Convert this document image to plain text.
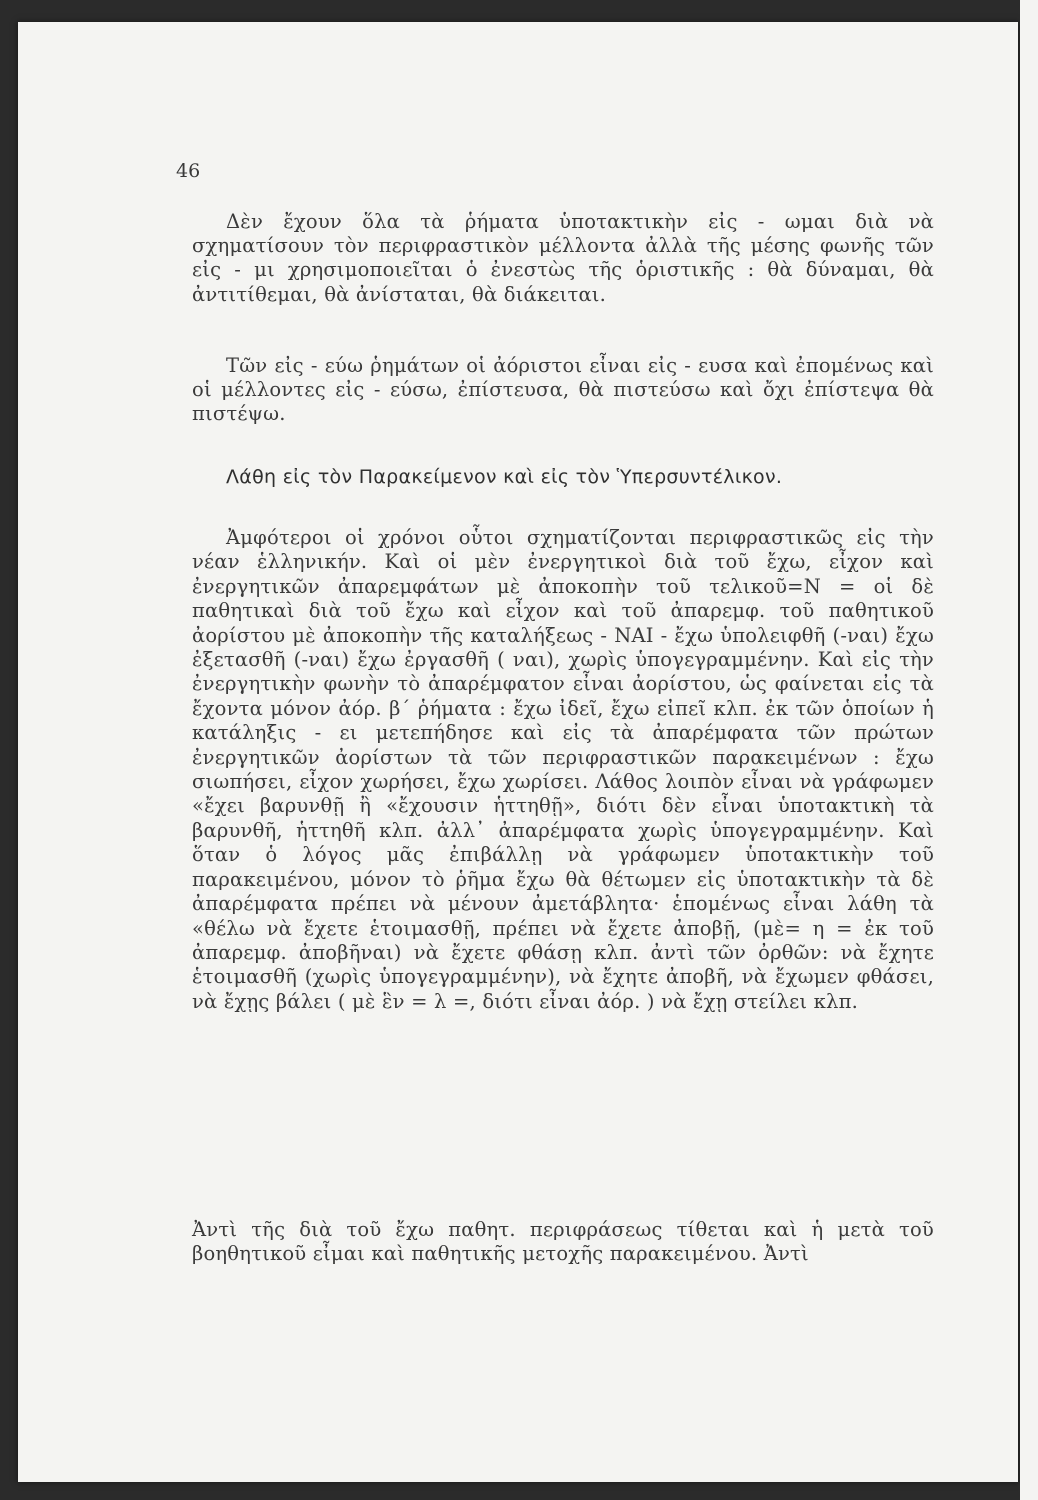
46

Δὲν ἔχουν ὅλα τὰ ῥήματα ὑποτακτικὴν εἰς - ωμαι διὰ νὰ σχηματίσουν τὸν περιφραστικὸν μέλλοντα ἀλλὰ τῆς μέσης φωνῆς τῶν εἰς - μι χρησιμοποιεῖται ὁ ἐνεστὼς τῆς ὁριστικῆς : θὰ δύναμαι, θὰ ἀντιτίθεμαι, θὰ ἀνίσταται, θὰ διάκειται.

Τῶν εἰς - εύω ῥημάτων οἱ ἀόριστοι εἶναι εἰς - ευσα καὶ ἐπομένως καὶ οἱ μέλλοντες εἰς - εύσω, ἐπίστευσα, θὰ πιστεύσω καὶ ὄχι ἐπίστεψα θὰ πιστέψω.

Λάθη εἰς τὸν Παρακείμενον καὶ εἰς τὸν Ὑπερσυντέλικον.

Ἀμφότεροι οἱ χρόνοι οὗτοι σχηματίζονται περιφραστικῶς εἰς τὴν νέαν ἑλληνικήν. Καὶ οἱ μὲν ἐνεργητικοὶ διὰ τοῦ ἔχω, εἶχον καὶ ἐνεργητικῶν ἀπαρεμφάτων μὲ ἀποκοπὴν τοῦ τελικοῦ=Ν = οἱ δὲ παθητικαὶ διὰ τοῦ ἔχω καὶ εἶχον καὶ τοῦ ἀπαρεμφ. τοῦ παθητικοῦ ἀορίστου μὲ ἀποκοπὴν τῆς καταλήξεως - ΝΑΙ - ἔχω ὑπολειφθῆ (-ναι) ἔχω ἐξετασθῆ (-ναι) ἔχω ἐργασθῆ ( ναι), χωρὶς ὑπογεγραμμένην. Καὶ εἰς τὴν ἐνεργητικὴν φωνὴν τὸ ἀπαρέμφατον εἶναι ἀορίστου, ὡς φαίνεται εἰς τὰ ἔχοντα μόνον ἀόρ. β΄ ῥήματα : ἔχω ἰδεῖ, ἔχω εἰπεῖ κλπ. ἐκ τῶν ὁποίων ἡ κατάληξις - ει μετεπήδησε καὶ εἰς τὰ ἀπαρέμφατα τῶν πρώτων ἐνεργητικῶν ἀορίστων τὰ τῶν περιφραστικῶν παρακειμένων : ἔχω σιωπήσει, εἶχον χωρήσει, ἔχω χωρίσει. Λάθος λοιπὸν εἶναι νὰ γράφωμεν «ἔχει βαρυνθῇ ἢ «ἔχουσιν ἡττηθῇ», διότι δὲν εἶναι ὑποτακτικὴ τὰ βαρυνθῆ, ἡττηθῆ κλπ. ἀλλ᾽ ἀπαρέμφατα χωρὶς ὑπογεγραμμένην. Καὶ ὅταν ὁ λόγος μᾶς ἐπιβάλλῃ νὰ γράφωμεν ὑποτακτικὴν τοῦ παρακειμένου, μόνον τὸ ῥῆμα ἔχω θὰ θέτωμεν εἰς ὑποτακτικὴν τὰ δὲ ἀπαρέμφατα πρέπει νὰ μένουν ἀμετάβλητα· ἑπομένως εἶναι λάθη τὰ «θέλω νὰ ἔχετε ἑτοιμασθῇ, πρέπει νὰ ἔχετε ἀποβῇ, (μὲ= η = ἐκ τοῦ ἀπαρεμφ. ἀποβῆναι) νὰ ἔχετε φθάσῃ κλπ. ἀντὶ τῶν ὀρθῶν: νὰ ἔχητε ἑτοιμασθῆ (χωρὶς ὑπογεγραμμένην), νὰ ἔχητε ἀποβῆ, νὰ ἔχωμεν φθάσει, νὰ ἔχῃς βάλει ( μὲ ἓν = λ =, διότι εἶναι ἀόρ. ) νὰ ἔχῃ στείλει κλπ.

Ἀντὶ τῆς διὰ τοῦ ἔχω παθητ. περιφράσεως τίθεται καὶ ἡ μετὰ τοῦ βοηθητικοῦ εἶμαι καὶ παθητικῆς μετοχῆς παρακειμένου. Ἀντὶ
